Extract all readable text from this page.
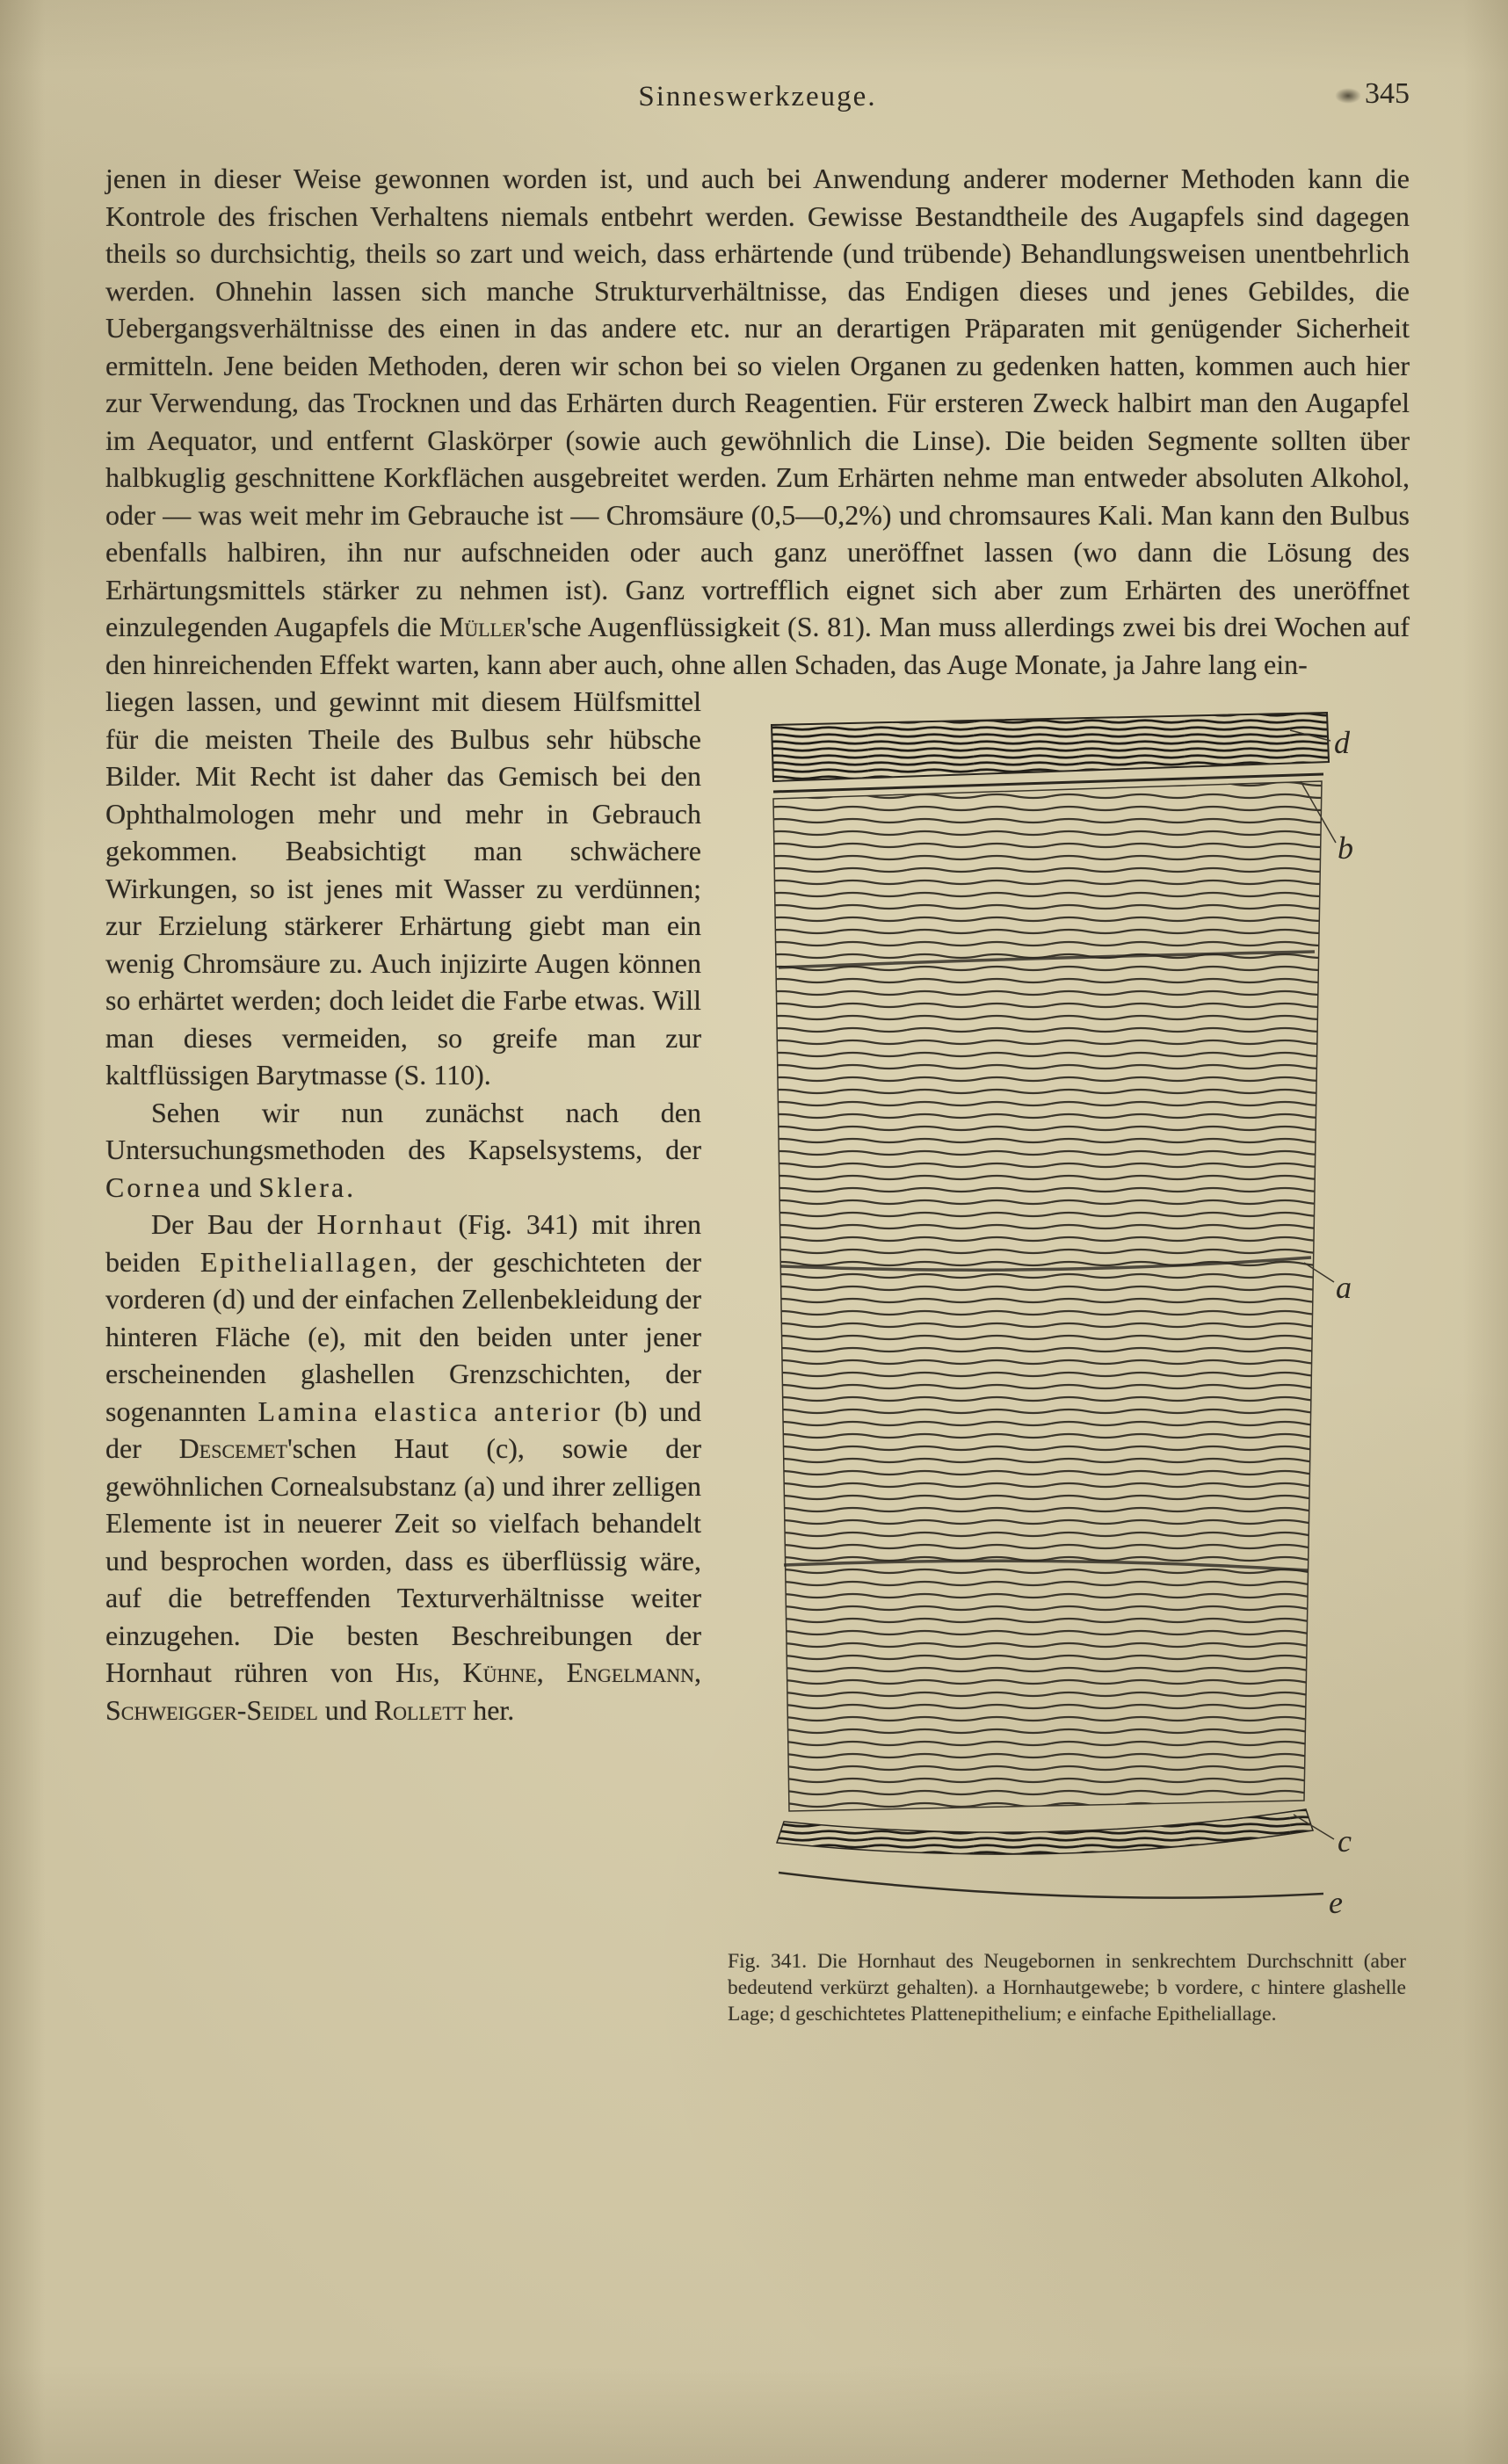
Sinneswerkzeuge.	345

jenen in dieser Weise gewonnen worden ist, und auch bei Anwendung anderer moderner Methoden kann die Kontrole des frischen Verhaltens niemals entbehrt werden. Gewisse Bestandtheile des Augapfels sind dagegen theils so durchsichtig, theils so zart und weich, dass erhärtende (und trübende) Behandlungsweisen unentbehrlich werden. Ohnehin lassen sich manche Strukturverhältnisse, das Endigen dieses und jenes Gebildes, die Uebergangsverhältnisse des einen in das andere etc. nur an derartigen Präparaten mit genügender Sicherheit ermitteln. Jene beiden Methoden, deren wir schon bei so vielen Organen zu gedenken hatten, kommen auch hier zur Verwendung, das Trocknen und das Erhärten durch Reagentien. Für ersteren Zweck halbirt man den Augapfel im Aequator, und entfernt Glaskörper (sowie auch gewöhnlich die Linse). Die beiden Segmente sollten über halbkuglig geschnittene Korkflächen ausgebreitet werden. Zum Erhärten nehme man entweder absoluten Alkohol, oder — was weit mehr im Gebrauche ist — Chromsäure (0,5—0,2%) und chromsaures Kali. Man kann den Bulbus ebenfalls halbiren, ihn nur aufschneiden oder auch ganz uneröffnet lassen (wo dann die Lösung des Erhärtungsmittels stärker zu nehmen ist). Ganz vortrefflich eignet sich aber zum Erhärten des uneröffnet einzulegenden Augapfels die Müller'sche Augenflüssigkeit (S. 81). Man muss allerdings zwei bis drei Wochen auf den hinreichenden Effekt warten, kann aber auch, ohne allen Schaden, das Auge Monate, ja Jahre lang ein-

d
b
a
c
e
Fig. 341. Die Hornhaut des Neugebornen in senkrechtem Durchschnitt (aber bedeutend verkürzt gehalten). a Hornhautgewebe; b vordere, c hintere glashelle Lage; d geschichtetes Plattenepithelium; e einfache Epitheliallage.

liegen lassen, und gewinnt mit diesem Hülfsmittel für die meisten Theile des Bulbus sehr hübsche Bilder. Mit Recht ist daher das Gemisch bei den Ophthalmologen mehr und mehr in Gebrauch gekommen. Beabsichtigt man schwächere Wirkungen, so ist jenes mit Wasser zu verdünnen; zur Erzielung stärkerer Erhärtung giebt man ein wenig Chromsäure zu. Auch injizirte Augen können so erhärtet werden; doch leidet die Farbe etwas. Will man dieses vermeiden, so greife man zur kaltflüssigen Barytmasse (S. 110).

Sehen wir nun zunächst nach den Untersuchungsmethoden des Kapselsystems, der Cornea und Sklera.

Der Bau der Hornhaut (Fig. 341) mit ihren beiden Epitheliallagen, der geschichteten der vorderen (d) und der einfachen Zellenbekleidung der hinteren Fläche (e), mit den beiden unter jener erscheinenden glashellen Grenzschichten, der sogenannten Lamina elastica anterior (b) und der Descemet'schen Haut (c), sowie der gewöhnlichen Cornealsubstanz (a) und ihrer zelligen Elemente ist in neuerer Zeit so vielfach behandelt und besprochen worden, dass es überflüssig wäre, auf die betreffenden Texturverhältnisse weiter einzugehen. Die besten Beschreibungen der Hornhaut rühren von His, Kühne, Engelmann, Schweigger-Seidel und Rollett her.
